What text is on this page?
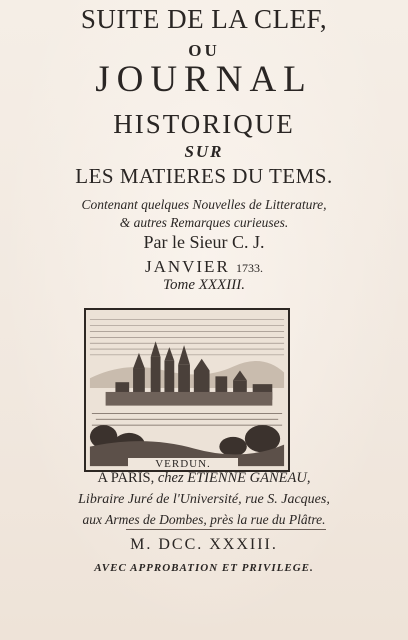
SUITE DE LA CLEF,
OU
JOURNAL
HISTORIQUE
SUR
LES MATIERES DU TEMS.
Contenant quelques Nouvelles de Litterature,
& autres Remarques curieuses.
Par le Sieur C. J.
JANVIER 1733.
Tome XXXIII.
VERDUN.
A PARIS, chez ETIENNE GANEAU,
Libraire Juré de l'Université, rue S. Jacques,
aux Armes de Dombes, près la rue du Plâtre.
M. DCC. XXXIII.
AVEC APPROBATION ET PRIVILEGE.
